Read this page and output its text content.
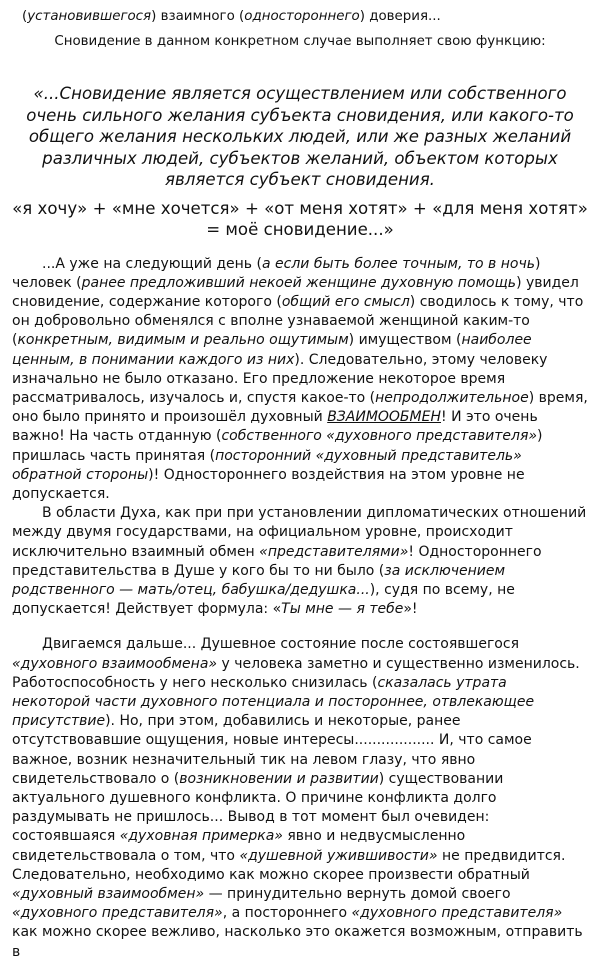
(установившегося) взаимного (одностороннего) доверия...

Сновидение в данном конкретном случае выполняет свою функцию:

«...Сновидение является осуществлением или собственного очень сильного желания субъекта сновидения, или какого-то общего желания нескольких людей, или же разных желаний различных людей, субъектов желаний, объектом которых является субъект сновидения.

«я хочу» + «мне хочется» + «от меня хотят» + «для меня хотят» = моё сновидение...»

...А уже на следующий день (а если быть более точным, то в ночь) человек (ранее предложивший некоей женщине духовную помощь) увидел сновидение, содержание которого (общий его смысл) сводилось к тому, что он добровольно обменялся с вполне узнаваемой женщиной каким-то (конкретным, видимым и реально ощутимым) имуществом (наиболее ценным, в понимании каждого из них). Следовательно, этому человеку изначально не было отказано. Его предложение некоторое время рассматривалось, изучалось и, спустя какое-то (непродолжительное) время, оно было принято и произошёл духовный ВЗАИМООБМЕН! И это очень важно! На часть отданную (собственного «духовного представителя») пришлась часть принятая (посторонний «духовный представитель» обратной стороны)! Одностороннего воздействия на этом уровне не допускается.

В области Духа, как при при установлении дипломатических отношений между двумя государствами, на официальном уровне, происходит исключительно взаимный обмен «представителями»! Одностороннего представительства в Душе у кого бы то ни было (за исключением родственного — мать/отец, бабушка/дедушка...), судя по всему, не допускается! Действует формула: «Ты мне — я тебе»!

Двигаемся дальше... Душевное состояние после состоявшегося «духовного взаимообмена» у человека заметно и существенно изменилось. Работоспособность у него несколько снизилась (сказалась утрата некоторой части духовного потенциала и постороннее, отвлекающее присутствие). Но, при этом, добавились и некоторые, ранее отсутствовавшие ощущения, новые интересы.................. И, что самое важное, возник незначительный тик на левом глазу, что явно свидетельствовало о (возникновении и развитии) существовании актуального душевного конфликта. О причине конфликта долго раздумывать не пришлось... Вывод в тот момент был очевиден: состоявшаяся «духовная примерка» явно и недвусмысленно свидетельствовала о том, что «душевной ужившивости» не предвидится. Следовательно, необходимо как можно скорее произвести обратный «духовный взаимообмен» — принудительно вернуть домой своего «духовного представителя», а постороннего «духовного представителя» как можно скорее вежливо, насколько это окажется возможным, отправить в
